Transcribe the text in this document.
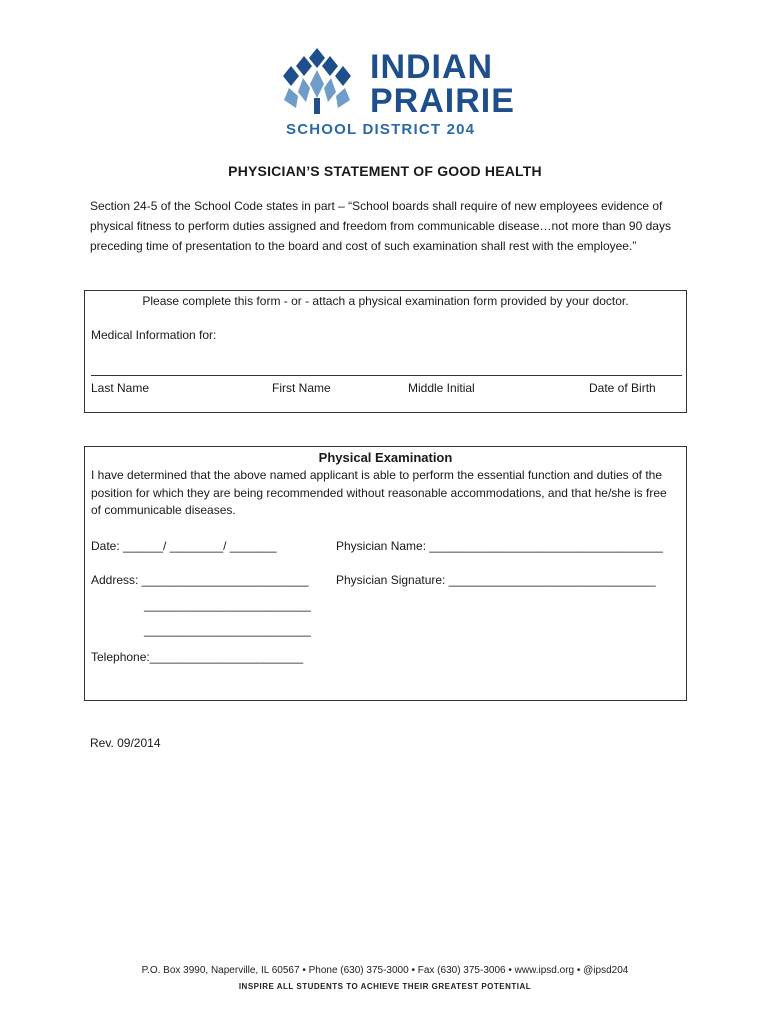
INDIAN
PRAIRIE
SCHOOL DISTRICT 204
PHYSICIAN’S STATEMENT OF GOOD HEALTH
Section 24-5 of the School Code states in part – “School boards shall require of new employees evidence of physical fitness to perform duties assigned and freedom from communicable disease…not more than 90 days preceding time of presentation to the board and cost of such examination shall rest with the employee.”
Please complete this form - or - attach a physical examination form provided by your doctor.
Medical Information for:
Last Name	First Name	Middle Initial	Date of Birth
Physical Examination
I have determined that the above named applicant is able to perform the essential function and duties of the position for which they are being recommended without reasonable accommodations, and that he/she is free of communicable diseases.
Date: ______/ ________/ _______	Physician Name: ___________________________________
Address: _________________________ Physician Signature: _______________________________
_________________________
_________________________
Telephone:_______________________
Rev. 09/2014
P.O. Box 3990, Naperville, IL 60567 • Phone (630) 375-3000 • Fax (630) 375-3006 • www.ipsd.org • @ipsd204
INSPIRE ALL STUDENTS TO ACHIEVE THEIR GREATEST POTENTIAL
